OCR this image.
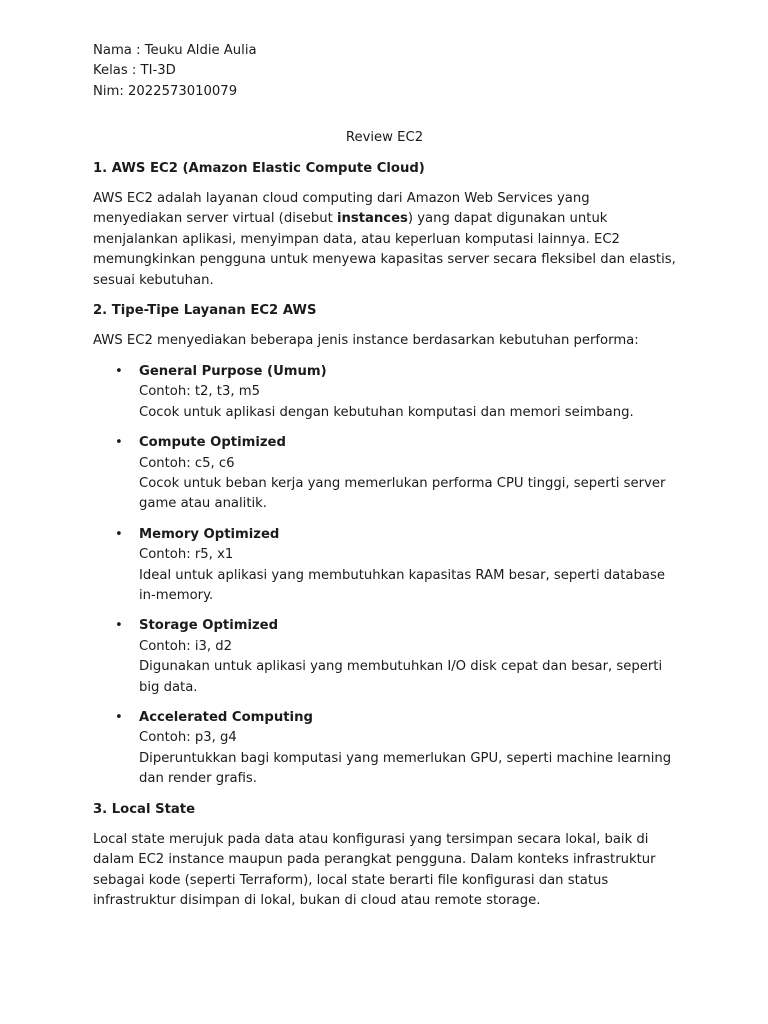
Nama : Teuku Aldie Aulia
Kelas : TI-3D
Nim: 2022573010079
Review EC2
1. AWS EC2 (Amazon Elastic Compute Cloud)

AWS EC2 adalah layanan cloud computing dari Amazon Web Services yang menyediakan server virtual (disebut instances) yang dapat digunakan untuk menjalankan aplikasi, menyimpan data, atau keperluan komputasi lainnya. EC2 memungkinkan pengguna untuk menyewa kapasitas server secara fleksibel dan elastis, sesuai kebutuhan.

2. Tipe-Tipe Layanan EC2 AWS

AWS EC2 menyediakan beberapa jenis instance berdasarkan kebutuhan performa:

• General Purpose (Umum)
Contoh: t2, t3, m5
Cocok untuk aplikasi dengan kebutuhan komputasi dan memori seimbang.
• Compute Optimized
Contoh: c5, c6
Cocok untuk beban kerja yang memerlukan performa CPU tinggi, seperti server game atau analitik.
• Memory Optimized
Contoh: r5, x1
Ideal untuk aplikasi yang membutuhkan kapasitas RAM besar, seperti database in-memory.
• Storage Optimized
Contoh: i3, d2
Digunakan untuk aplikasi yang membutuhkan I/O disk cepat dan besar, seperti big data.
• Accelerated Computing
Contoh: p3, g4
Diperuntukkan bagi komputasi yang memerlukan GPU, seperti machine learning dan render grafis.
3. Local State

Local state merujuk pada data atau konfigurasi yang tersimpan secara lokal, baik di dalam EC2 instance maupun pada perangkat pengguna. Dalam konteks infrastruktur sebagai kode (seperti Terraform), local state berarti file konfigurasi dan status infrastruktur disimpan di lokal, bukan di cloud atau remote storage.
